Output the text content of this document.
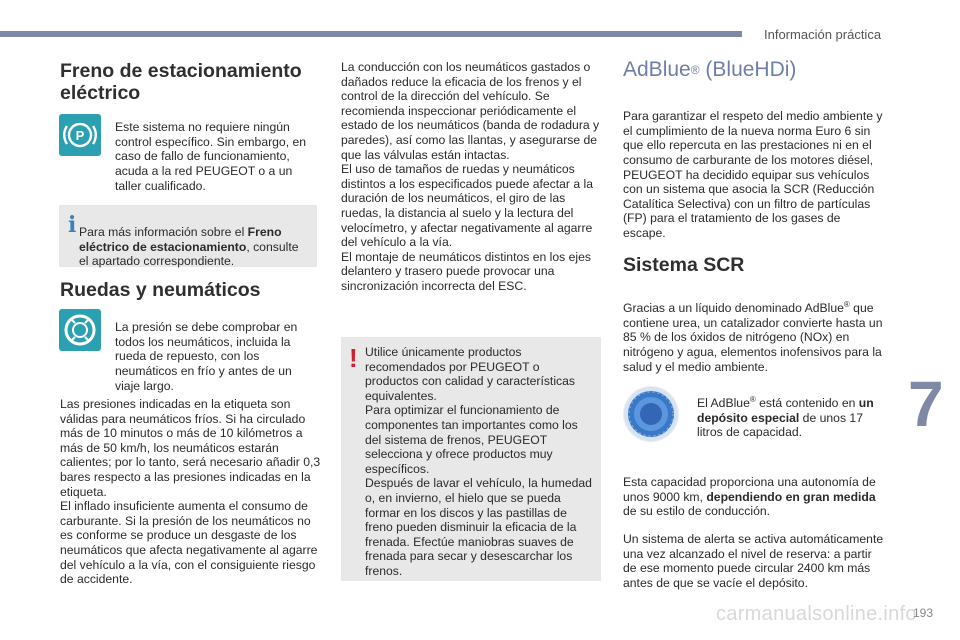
Información práctica
7
carmanualsonline.info
193
Freno de estacionamiento eléctrico
P

Este sistema no requiere ningún control específico. Sin embargo, en caso de fallo de funcionamiento, acuda a la red PEUGEOT o a un taller cualificado.

i Para más información sobre el Freno eléctrico de estacionamiento, consulte el apartado correspondiente.

Ruedas y neumáticos

La presión se debe comprobar en todos los neumáticos, incluida la rueda de repuesto, con los neumáticos en frío y antes de un viaje largo.

Las presiones indicadas en la etiqueta son válidas para neumáticos fríos. Si ha circulado más de 10 minutos o más de 10 kilómetros a más de 50 km/h, los neumáticos estarán calientes; por lo tanto, será necesario añadir 0,3 bares respecto a las presiones indicadas en la etiqueta.

El inflado insuficiente aumenta el consumo de carburante. Si la presión de los neumáticos no es conforme se produce un desgaste de los neumáticos que afecta negativamente al agarre del vehículo a la vía, con el consiguiente riesgo de accidente.

La conducción con los neumáticos gastados o dañados reduce la eficacia de los frenos y el control de la dirección del vehículo. Se recomienda inspeccionar periódicamente el estado de los neumáticos (banda de rodadura y paredes), así como las llantas, y asegurarse de que las válvulas están intactas.

El uso de tamaños de ruedas y neumáticos distintos a los especificados puede afectar a la duración de los neumáticos, el giro de las ruedas, la distancia al suelo y la lectura del velocímetro, y afectar negativamente al agarre del vehículo a la vía.

El montaje de neumáticos distintos en los ejes delantero y trasero puede provocar una sincronización incorrecta del ESC.

! Utilice únicamente productos recomendados por PEUGEOT o productos con calidad y características equivalentes.

Para optimizar el funcionamiento de componentes tan importantes como los del sistema de frenos, PEUGEOT selecciona y ofrece productos muy específicos.

Después de lavar el vehículo, la humedad o, en invierno, el hielo que se pueda formar en los discos y las pastillas de freno pueden disminuir la eficacia de la frenada. Efectúe maniobras suaves de frenada para secar y desescarchar los frenos.

AdBlue® (BlueHDi)

Para garantizar el respeto del medio ambiente y el cumplimiento de la nueva norma Euro 6 sin que ello repercuta en las prestaciones ni en el consumo de carburante de los motores diésel, PEUGEOT ha decidido equipar sus vehículos con un sistema que asocia la SCR (Reducción Catalítica Selectiva) con un filtro de partículas (FP) para el tratamiento de los gases de escape.

Sistema SCR

Gracias a un líquido denominado AdBlue® que contiene urea, un catalizador convierte hasta un 85 % de los óxidos de nitrógeno (NOx) en nitrógeno y agua, elementos inofensivos para la salud y el medio ambiente.

El AdBlue® está contenido en un depósito especial de unos 17 litros de capacidad.

Esta capacidad proporciona una autonomía de unos 9000 km, dependiendo en gran medida de su estilo de conducción.

Un sistema de alerta se activa automáticamente una vez alcanzado el nivel de reserva: a partir de ese momento puede circular 2400 km más antes de que se vacíe el depósito.
